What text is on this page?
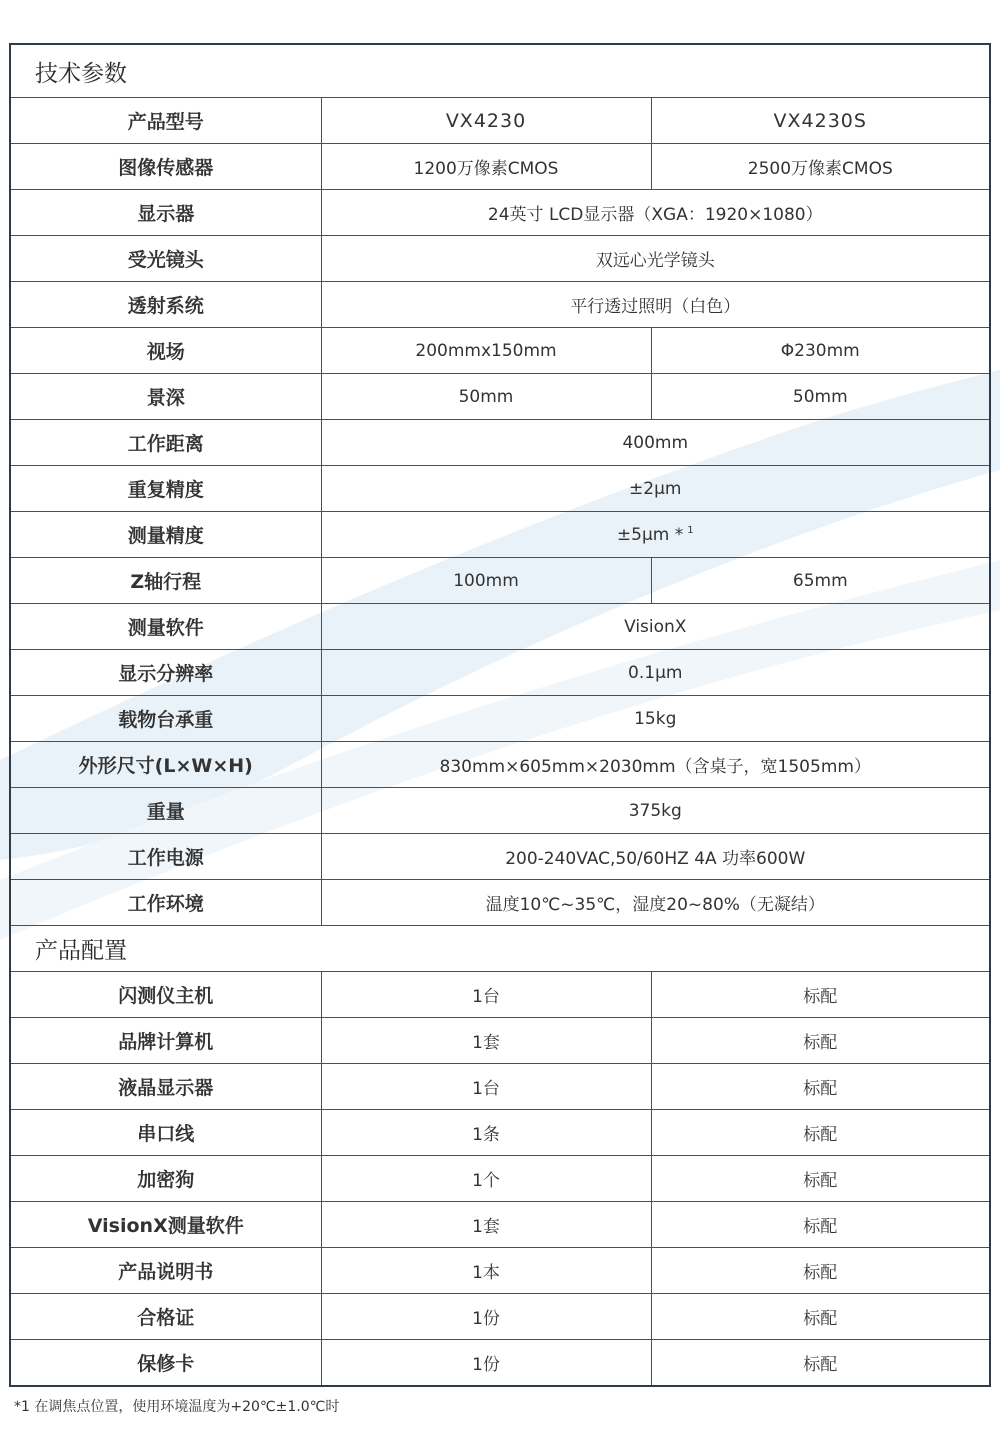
技术参数		
产品型号	VX4230	VX4230S
图像传感器	1200万像素CMOS	2500万像素CMOS
显示器	24英寸 LCD显示器（XGA：1920×1080）	
受光镜头	双远心光学镜头	
透射系统	平行透过照明（白色）	
视场	200mmx150mm	Φ230mm
景深	50mm	50mm
工作距离	400mm	
重复精度	±2μm	
测量精度	±5μm * $^1$
Z轴行程	100mm	65mm
测量软件	VisionX	
显示分辨率	0.1μm	
载物台承重	15kg	
外形尺寸(L×W×H)	830mm×605mm×2030mm（含桌子，宽1505mm）	
重量	375kg	
工作电源	200-240VAC,50/60HZ 4A 功率600W	
工作环境	温度10℃~35℃，湿度20~80%（无凝结）	
产品配置		
闪测仪主机	1台	标配
品牌计算机	1套	标配
液晶显示器	1台	标配
串口线	1条	标配
加密狗	1个	标配
VisionX测量软件	1套	标配
产品说明书	1本	标配
合格证	1份	标配
保修卡	1份	标配
*1 在调焦点位置，使用环境温度为+20℃±1.0℃时
